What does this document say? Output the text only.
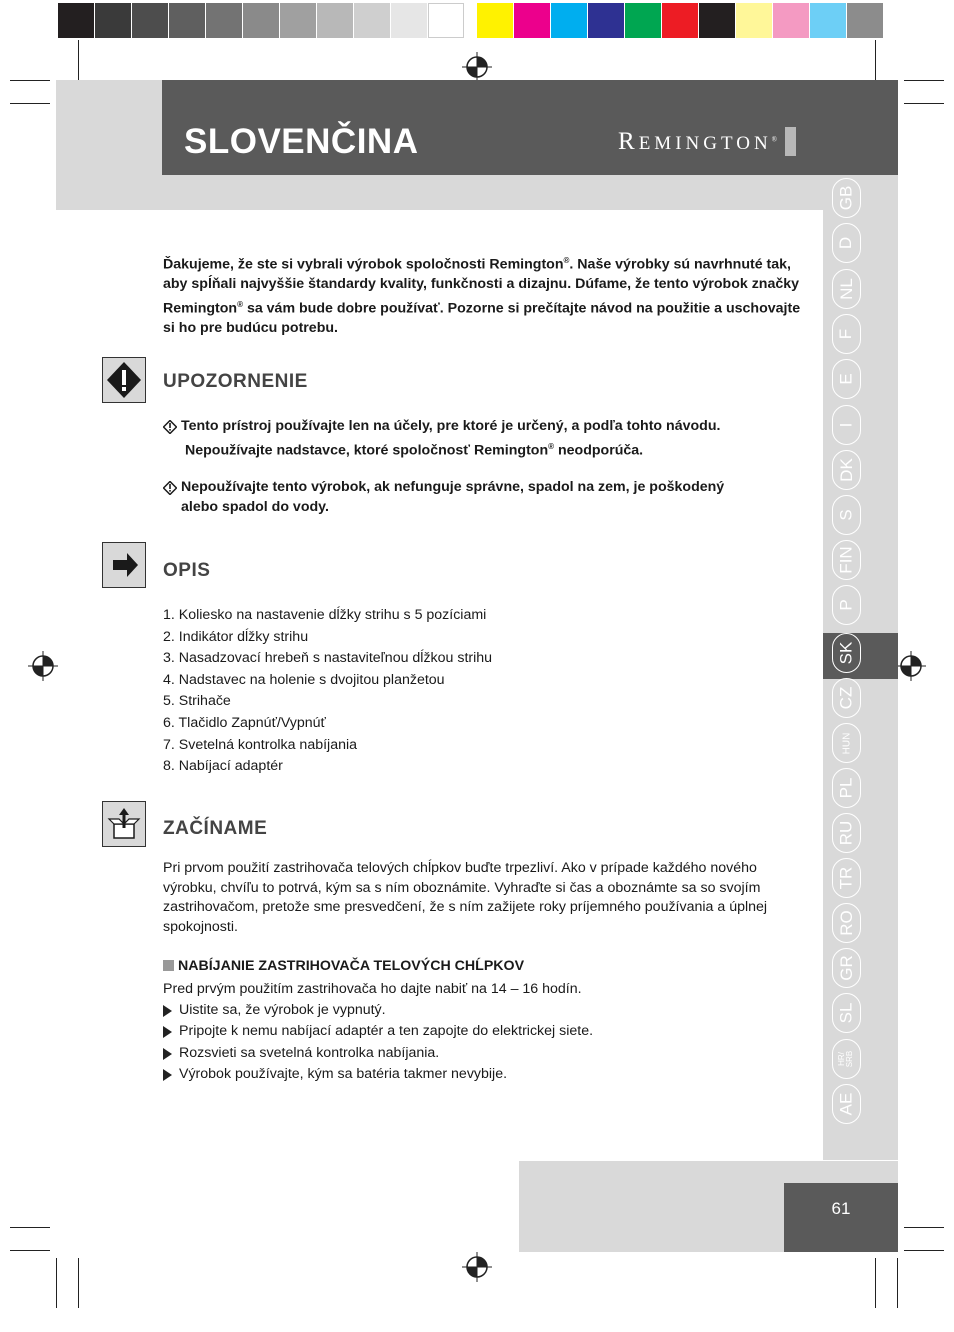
SLOVENČINA	REMINGTON®
GB
D
NL
F
E
I
DK
S
FIN
P
SK
CZ
HUN
PL
RU
TR
RO
GR
SL
HR/
SRB
AE

Ďakujeme, že ste si vybrali výrobok spoločnosti Remington®. Naše výrobky sú navrhnuté tak, aby spĺňali najvyššie štandardy kvality, funkčnosti a dizajnu. Dúfame, že tento výrobok značky Remington® sa vám bude dobre používať. Pozorne si prečítajte návod na použitie a uschovajte si ho pre budúcu potrebu.

UPOZORNENIE

Tento prístroj používajte len na účely, pre ktoré je určený, a podľa tohto návodu.

Nepoužívajte nadstavce, ktoré spoločnosť Remington® neodporúča.

Nepoužívajte tento výrobok, ak nefunguje správne, spadol na zem, je poškodený

alebo spadol do vody.

OPIS
1. Koliesko na nastavenie dĺžky strihu s 5 pozíciami
2. Indikátor dĺžky strihu
3. Nasadzovací hrebeň s nastaviteľnou dĺžkou strihu
4. Nadstavec na holenie s dvojitou planžetou
5. Strihače
6. Tlačidlo Zapnúť/Vypnúť
7. Svetelná kontrolka nabíjania
8. Nabíjací adaptér
ZAČÍNAME

Pri prvom použití zastrihovača telových chĺpkov buďte trpezliví. Ako v prípade každého nového výrobku, chvíľu to potrvá, kým sa s ním oboznámite. Vyhraďte si čas a oboznámte sa so svojím zastrihovačom, pretože sme presvedčení, že s ním zažijete roky príjemného používania a úplnej spokojnosti.

NABÍJANIE ZASTRIHOVAČA TELOVÝCH CHĹPKOV
Pred prvým použitím zastrihovača ho dajte nabiť na 14 – 16 hodín.
Uistite sa, že výrobok je vypnutý.
Pripojte k nemu nabíjací adaptér a ten zapojte do elektrickej siete.
Rozsvieti sa svetelná kontrolka nabíjania.
Výrobok používajte, kým sa batéria takmer nevybije.
61
